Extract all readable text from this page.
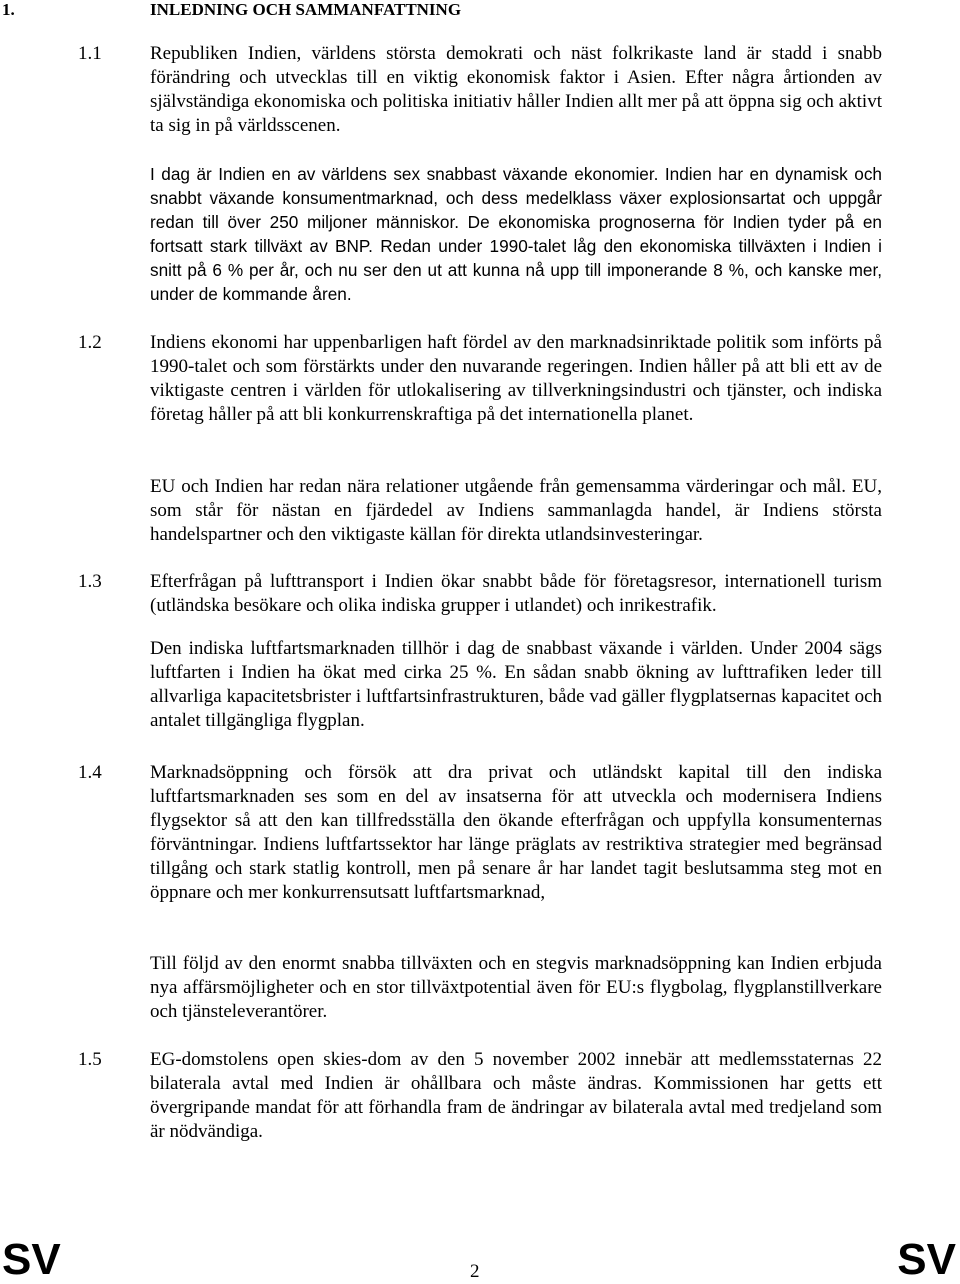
1.	INLEDNING OCH SAMMANFATTNING
1.1	Republiken Indien, världens största demokrati och näst folkrikaste land är stadd i snabb förändring och utvecklas till en viktig ekonomisk faktor i Asien. Efter några årtionden av självständiga ekonomiska och politiska initiativ håller Indien allt mer på att öppna sig och aktivt ta sig in på världsscenen.

I dag är Indien en av världens sex snabbast växande ekonomier. Indien har en dynamisk och snabbt växande konsumentmarknad, och dess medelklass växer explosionsartat och uppgår redan till över 250 miljoner människor. De ekonomiska prognoserna för Indien tyder på en fortsatt stark tillväxt av BNP. Redan under 1990-talet låg den ekonomiska tillväxten i Indien i snitt på 6 % per år, och nu ser den ut att kunna nå upp till imponerande 8 %, och kanske mer, under de kommande åren.

1.2	Indiens ekonomi har uppenbarligen haft fördel av den marknadsinriktade politik som införts på 1990-talet och som förstärkts under den nuvarande regeringen. Indien håller på att bli ett av de viktigaste centren i världen för utlokalisering av tillverkningsindustri och tjänster, och indiska företag håller på att bli konkurrenskraftiga på det internationella planet.

EU och Indien har redan nära relationer utgående från gemensamma värderingar och mål. EU, som står för nästan en fjärdedel av Indiens sammanlagda handel, är Indiens största handelspartner och den viktigaste källan för direkta utlandsinvesteringar.

1.3	Efterfrågan på lufttransport i Indien ökar snabbt både för företagsresor, internationell turism (utländska besökare och olika indiska grupper i utlandet) och inrikestrafik.

Den indiska luftfartsmarknaden tillhör i dag de snabbast växande i världen. Under 2004 sägs luftfarten i Indien ha ökat med cirka 25 %. En sådan snabb ökning av lufttrafiken leder till allvarliga kapacitetsbrister i luftfartsinfrastrukturen, både vad gäller flygplatsernas kapacitet och antalet tillgängliga flygplan.

1.4	Marknadsöppning och försök att dra privat och utländskt kapital till den indiska luftfartsmarknaden ses som en del av insatserna för att utveckla och modernisera Indiens flygsektor så att den kan tillfredsställa den ökande efterfrågan och uppfylla konsumenternas förväntningar. Indiens luftfartssektor har länge präglats av restriktiva strategier med begränsad tillgång och stark statlig kontroll, men på senare år har landet tagit beslutsamma steg mot en öppnare och mer konkurrensutsatt luftfartsmarknad,

Till följd av den enormt snabba tillväxten och en stegvis marknadsöppning kan Indien erbjuda nya affärsmöjligheter och en stor tillväxtpotential även för EU:s flygbolag, flygplanstillverkare och tjänsteleverantörer.

1.5	EG-domstolens open skies-dom av den 5 november 2002 innebär att medlemsstaternas 22 bilaterala avtal med Indien är ohållbara och måste ändras. Kommissionen har getts ett övergripande mandat för att förhandla fram de ändringar av bilaterala avtal med tredjeland som är nödvändiga.

SV	2	SV
